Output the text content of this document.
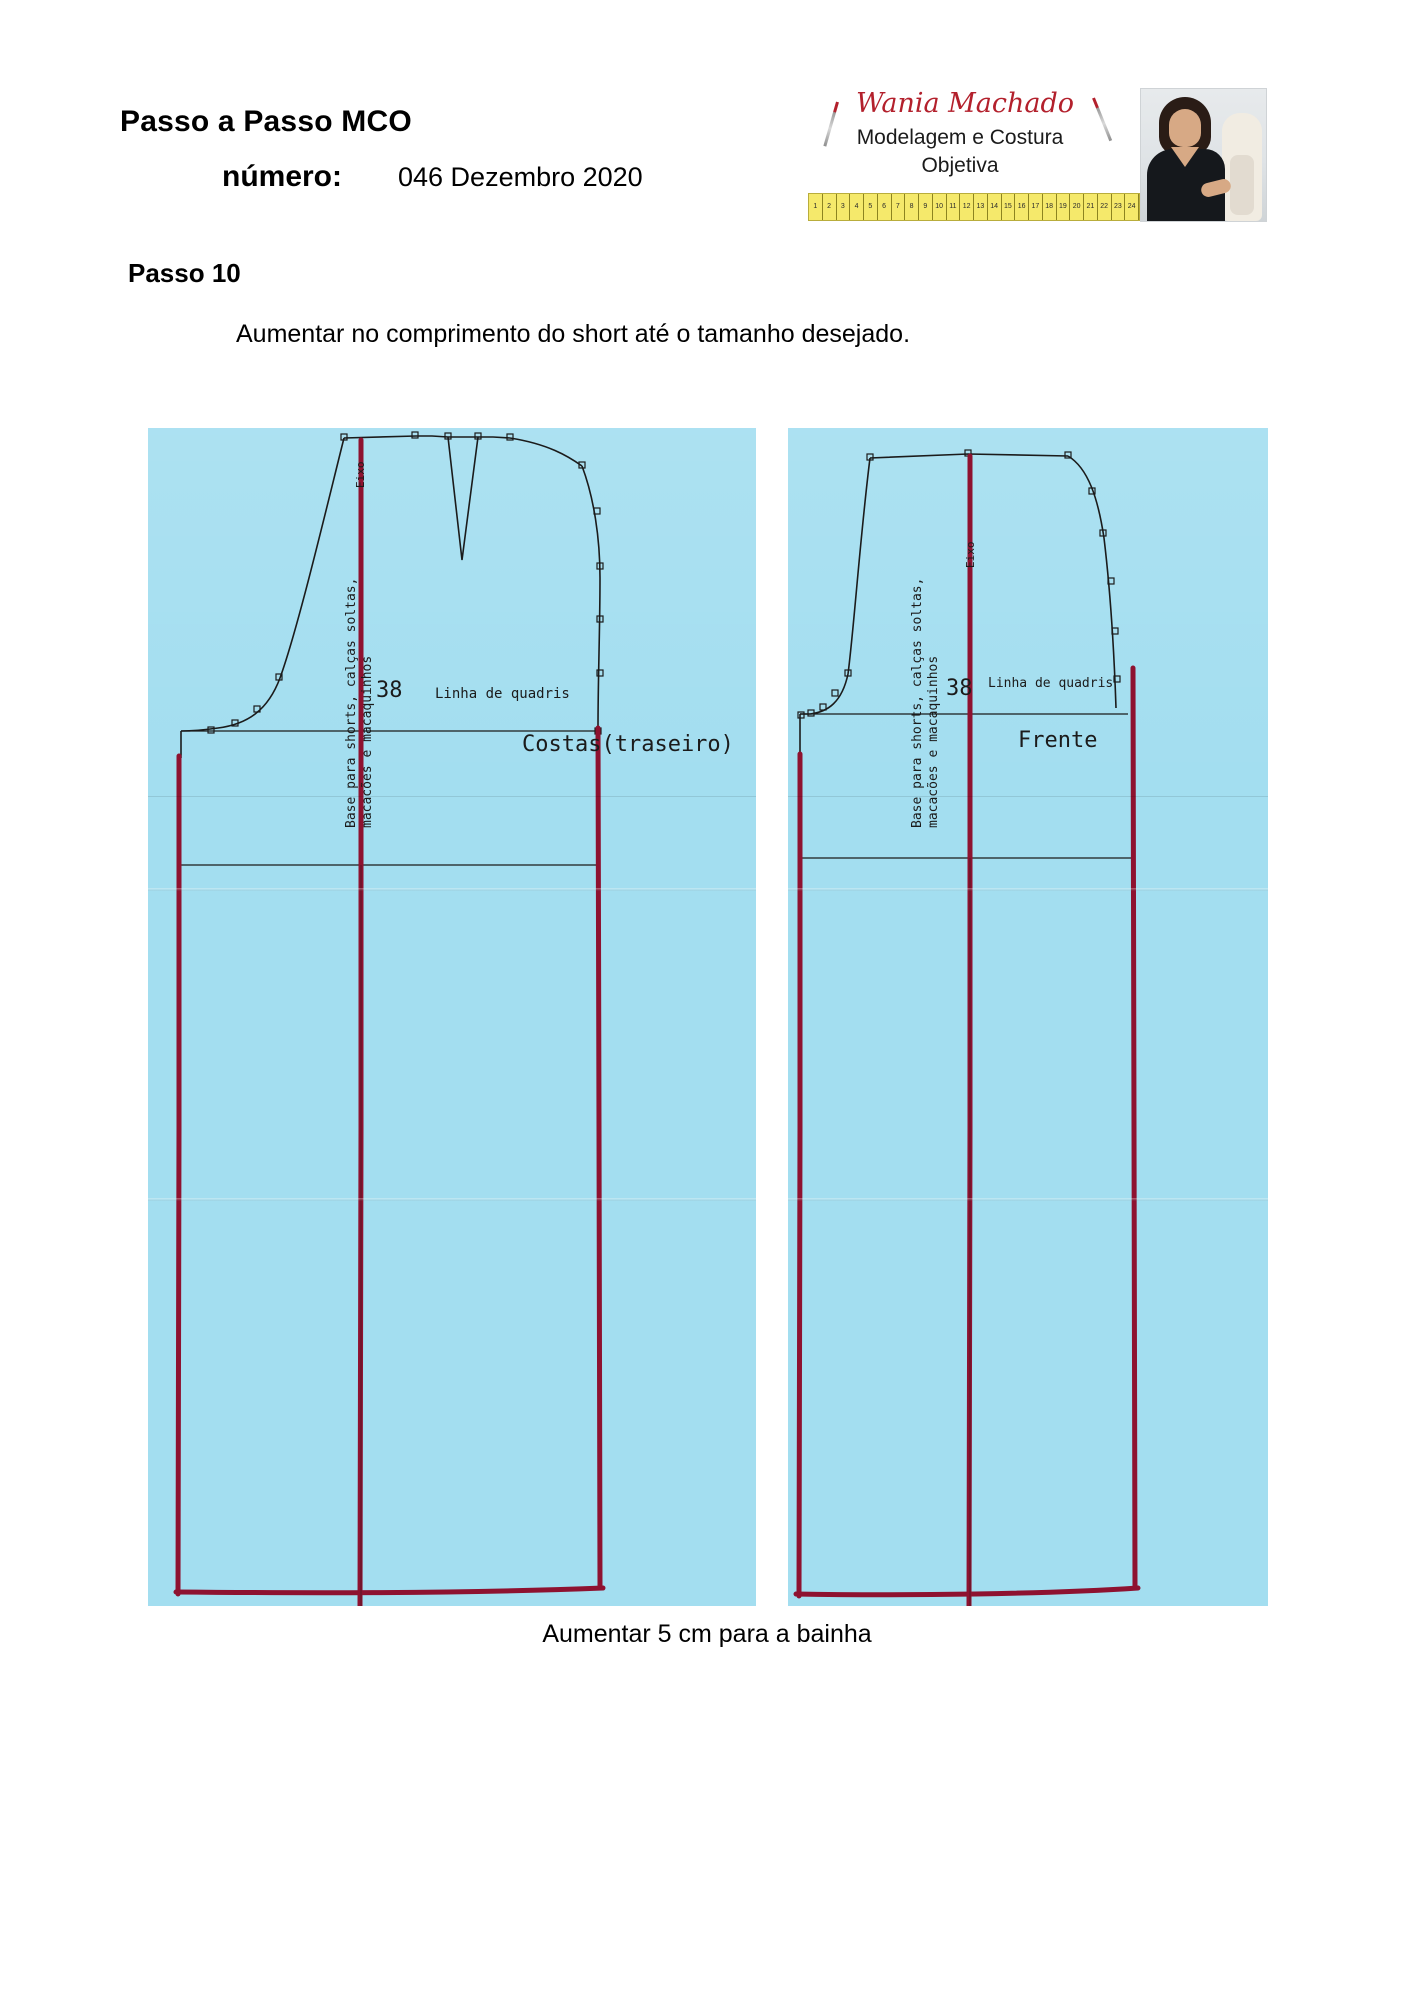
Passo a Passo MCO
número: 046 Dezembro 2020
Wania Machado
Modelagem e Costura
Objetiva
1	2	3	4	5	6	7	8	9	10 11 12 13 14 15 16 17 18 19 20 21 22 23 24
Passo 10
Aumentar no comprimento do short até o tamanho desejado.
Costas(traseiro)
38 Linha de quadris
Eixo
Base para shorts, calças soltas, macacões e macaquinhos	Frente
38 Linha de quadris
Eixo
Base para shorts, calças soltas, macacões e macaquinhos
Aumentar 5 cm para a bainha
